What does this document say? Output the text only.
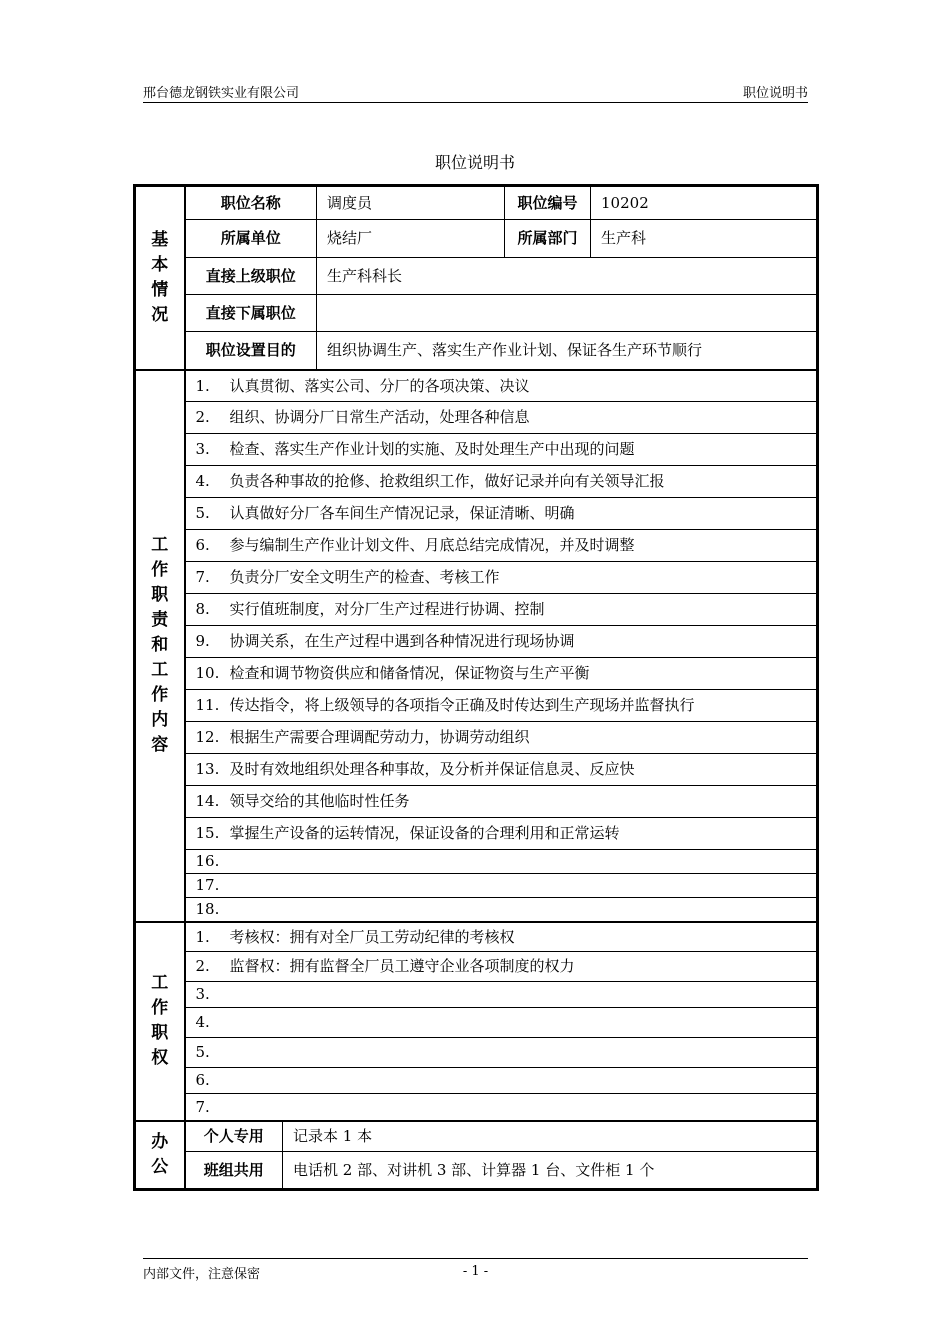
邢台德龙钢铁实业有限公司	职位说明书
职位说明书
基本情况	职位名称		调度员	职位编号	10202
	所属单位		烧结厂	所属部门	生产科
	直接上级职位		生产科科长		
	直接下属职位				
	职位设置目的		组织协调生产、落实生产作业计划、保证各生产环节顺行		
工作职责和工作内容	1. 认真贯彻、落实公司、分厂的各项决策、决议				
	2. 组织、协调分厂日常生产活动，处理各种信息				
	3. 检查、落实生产作业计划的实施、及时处理生产中出现的问题				
	4. 负责各种事故的抢修、抢救组织工作，做好记录并向有关领导汇报				
	5. 认真做好分厂各车间生产情况记录，保证清晰、明确				
	6. 参与编制生产作业计划文件、月底总结完成情况，并及时调整				
	7. 负责分厂安全文明生产的检查、考核工作				
	8. 实行值班制度，对分厂生产过程进行协调、控制				
	9. 协调关系，在生产过程中遇到各种情况进行现场协调				
	10. 检查和调节物资供应和储备情况，保证物资与生产平衡				
	11. 传达指令，将上级领导的各项指令正确及时传达到生产现场并监督执行				
	12. 根据生产需要合理调配劳动力，协调劳动组织				
	13. 及时有效地组织处理各种事故，及分析并保证信息灵、反应快				
	14. 领导交给的其他临时性任务				
	15. 掌握生产设备的运转情况，保证设备的合理利用和正常运转				
	16.				
	17.				
	18.				
工作职权	1. 考核权：拥有对全厂员工劳动纪律的考核权				
	2. 监督权：拥有监督全厂员工遵守企业各项制度的权力				
	3.				
	4.				
	5.				
	6.				
	7.				
办公	个人专用	记录本 1 本			
	班组共用	电话机 2 部、对讲机 3 部、计算器 1 台、文件柜 1 个			
内部文件，注意保密	- 1 -
